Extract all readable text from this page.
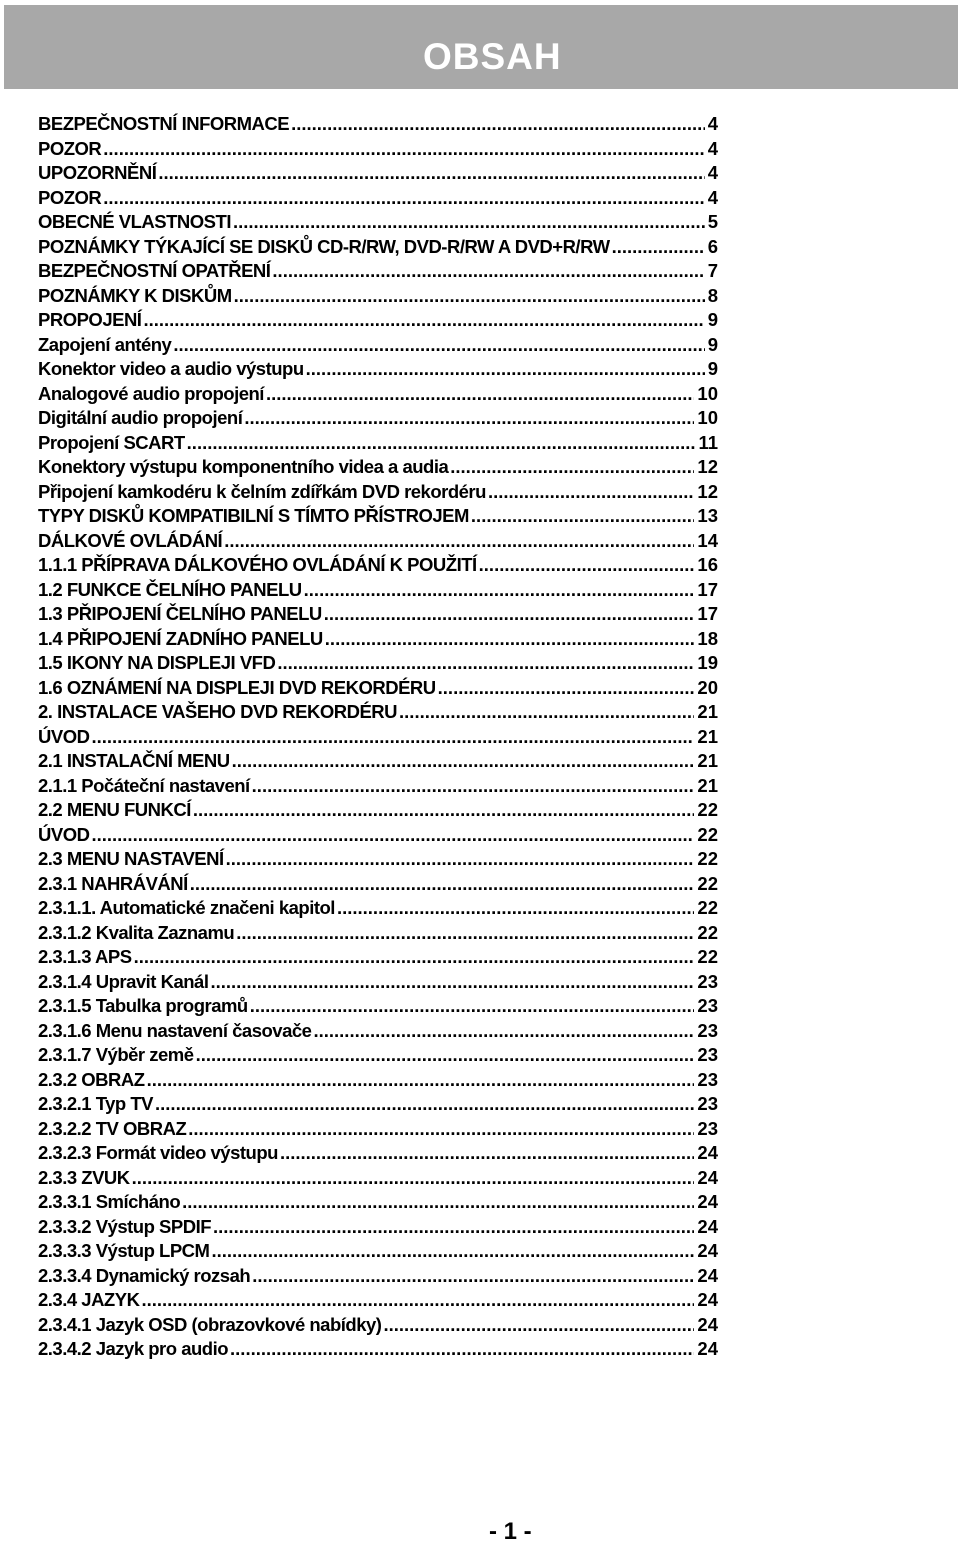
OBSAH
BEZPEČNOSTNÍ INFORMACE .....	4
POZOR .....	4
UPOZORNĚNÍ .....	4
POZOR .....	4
OBECNÉ VLASTNOSTI .....	5
POZNÁMKY TÝKAJÍCÍ SE DISKŮ CD-R/RW, DVD-R/RW A DVD+R/RW .....	6
BEZPEČNOSTNÍ OPATŘENÍ .....	7
POZNÁMKY K DISKŮM .....	8
PROPOJENÍ .....	9
Zapojení antény .....	9
Konektor video a audio výstupu .....	9
Analogové audio propojení .....	10
Digitální audio propojení .....	10
Propojení SCART .....	11
Konektory výstupu komponentního videa a audia .....	12
Připojení kamkodéru k čelním zdířkám DVD rekordéru .....	12
TYPY DISKŮ KOMPATIBILNÍ S TÍMTO PŘÍSTROJEM .....	13
DÁLKOVÉ OVLÁDÁNÍ .....	14
1.1.1 PŘÍPRAVA DÁLKOVÉHO OVLÁDÁNÍ K POUŽITÍ .....	16
1.2 FUNKCE ČELNÍHO PANELU .....	17
1.3 PŘIPOJENÍ ČELNÍHO PANELU .....	17
1.4 PŘIPOJENÍ ZADNÍHO PANELU .....	18
1.5 IKONY NA DISPLEJI VFD .....	19
1.6 OZNÁMENÍ NA DISPLEJI DVD REKORDÉRU .....	20
2. INSTALACE VAŠEHO DVD REKORDÉRU .....	21
ÚVOD .....	21
2.1 INSTALAČNÍ MENU .....	21
2.1.1 Počáteční nastavení .....	21
2.2 MENU FUNKCÍ .....	22
ÚVOD .....	22
2.3 MENU NASTAVENÍ .....	22
2.3.1 NAHRÁVÁNÍ .....	22
2.3.1.1. Automatické značeni kapitol .....	22
2.3.1.2 Kvalita Zaznamu .....	22
2.3.1.3 APS .....	22
2.3.1.4 Upravit Kanál .....	23
2.3.1.5 Tabulka programů .....	23
2.3.1.6 Menu nastavení časovače .....	23
2.3.1.7 Výběr země .....	23
2.3.2 OBRAZ .....	23
2.3.2.1 Typ TV .....	23
2.3.2.2 TV OBRAZ .....	23
2.3.2.3 Formát video výstupu .....	24
2.3.3 ZVUK .....	24
2.3.3.1 Smícháno .....	24
2.3.3.2 Výstup SPDIF .....	24
2.3.3.3 Výstup LPCM .....	24
2.3.3.4 Dynamický rozsah .....	24
2.3.4 JAZYK .....	24
2.3.4.1 Jazyk OSD (obrazovkové nabídky) .....	24
2.3.4.2 Jazyk pro audio .....	24
- 1 -
